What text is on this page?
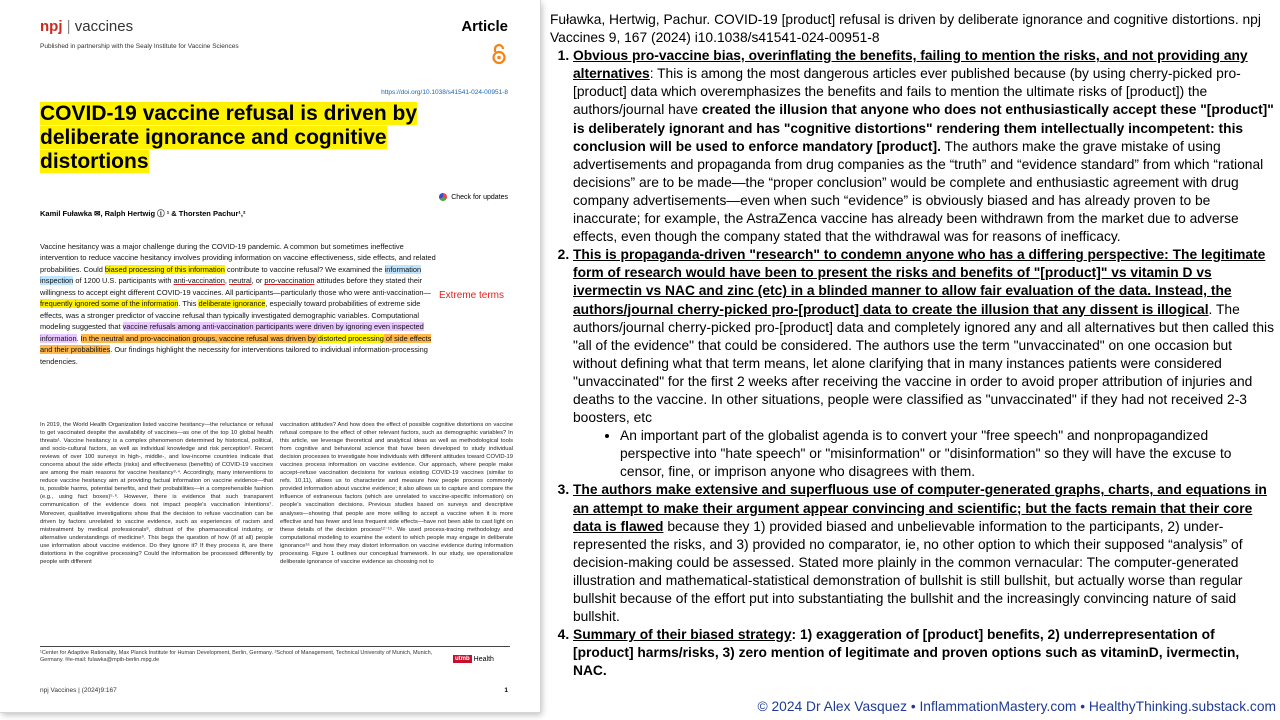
npj | vaccines	Article
Published in partnership with the Sealy Institute for Vaccine Sciences
https://doi.org/10.1038/s41541-024-00951-8
COVID-19 vaccine refusal is driven by
deliberate ignorance and cognitive
distortions
Check for updates
Kamil Fuławka ✉, Ralph Hertwig ⓘ ¹ & Thorsten Pachur¹,²
Vaccine hesitancy was a major challenge during the COVID-19 pandemic. A common but sometimes ineffective intervention to reduce vaccine hesitancy involves providing information on vaccine effectiveness, side effects, and related probabilities. Could biased processing of this information contribute to vaccine refusal? We examined the information inspection of 1200 U.S. participants with anti-vaccination, neutral, or pro-vaccination attitudes before they stated their willingness to accept eight different COVID-19 vaccines. All participants—particularly those who were anti-vaccination—frequently ignored some of the information. This deliberate ignorance, especially toward probabilities of extreme side effects, was a stronger predictor of vaccine refusal than typically investigated demographic variables. Computational modeling suggested that vaccine refusals among anti-vaccination participants were driven by ignoring even inspected information. In the neutral and pro-vaccination groups, vaccine refusal was driven by distorted processing of side effects and their probabilities. Our findings highlight the necessity for interventions tailored to individual information-processing tendencies.
Extreme terms
In 2019, the World Health Organization listed vaccine hesitancy—the reluctance or refusal to get vaccinated despite the availability of vaccines—as one of the top 10 global health threats¹. Vaccine hesitancy is a complex phenomenon determined by historical, political, and socio-cultural factors, as well as individual knowledge and risk perception². Recent reviews of over 100 surveys in high-, middle-, and low-income countries indicate that concerns about the side effects (risks) and effectiveness (benefits) of COVID-19 vaccines are among the main reasons for vaccine hesitancy³·⁴. Accordingly, many interventions to reduce vaccine hesitancy aim at providing factual information on vaccine evidence—that is, possible harms, potential benefits, and their probabilities—in a comprehensible fashion (e.g., using fact boxes)⁵·⁶. However, there is evidence that such transparent communication of the evidence does not impact people's vaccination intentions⁷. Moreover, qualitative investigations show that the decision to refuse vaccination can be driven by factors unrelated to vaccine evidence, such as experiences of racism and mistreatment by medical professionals⁸, distrust of the pharmaceutical industry, or alternative understandings of medicine⁹. This begs the question of how (if at all) people use information about vaccine evidence. Do they ignore it? If they process it, are there distortions in the cognitive processing? Could the information be processed differently by people with different
vaccination attitudes? And how does the effect of possible cognitive distortions on vaccine refusal compare to the effect of other relevant factors, such as demographic variables? In this article, we leverage theoretical and analytical ideas as well as methodological tools from cognitive and behavioral science that have been developed to study individual decision processes to investigate how individuals with different attitudes toward COVID-19 vaccines process information on vaccine evidence. Our approach, where people make accept–refuse vaccination decisions for various existing COVID-19 vaccines (similar to refs. 10,11), allows us to characterize and measure how people process commonly provided information about vaccine evidence; it also allows us to capture and compare the influence of extraneous factors (which are unrelated to vaccine-specific information) on people's vaccination decisions. Previous studies based on surveys and descriptive analyses—showing that people are more willing to accept a vaccine when it is more effective and has fewer and less frequent side effects—have not been able to cast light on these details of the decision process¹²⁻¹⁵. We used process-tracing methodology and computational modeling to examine the extent to which people may engage in deliberate ignorance¹⁶ and how they may distort information on vaccine evidence during information processing. Figure 1 outlines our conceptual framework. In our study, we operationalize deliberate ignorance of vaccine evidence as choosing not to
¹Center for Adaptive Rationality, Max Planck Institute for Human Development, Berlin, Germany. ²School of Management, Technical University of Munich, Munich, Germany. ✉e-mail: fulawka@mpib-berlin.mpg.de	utmb Health
npj Vaccines | (2024)9:167	1

Fuławka, Hertwig, Pachur. COVID-19 [product] refusal is driven by deliberate ignorance and cognitive distortions. npj Vaccines 9, 167 (2024) i10.1038/s41541-024-00951-8

1. Obvious pro-vaccine bias, overinflating the benefits, failing to mention the risks, and not providing any alternatives: This is among the most dangerous articles ever published because (by using cherry-picked pro-[product] data which overemphasizes the benefits and fails to mention the ultimate risks of [product]) the authors/journal have created the illusion that anyone who does not enthusiastically accept these "[product]" is deliberately ignorant and has "cognitive distortions" rendering them intellectually incompetent: this conclusion will be used to enforce mandatory [product]. The authors make the grave mistake of using advertisements and propaganda from drug companies as the “truth” and “evidence standard” from which “rational decisions” are to be made—the “proper conclusion” would be complete and enthusiastic agreement with drug company advertisements—even when such “evidence” is obviously biased and has already proven to be inaccurate; for example, the AstraZenca vaccine has already been withdrawn from the market due to adverse effects, even though the company stated that the withdrawal was for reasons of inefficacy.
2. This is propaganda-driven "research" to condemn anyone who has a differing perspective: The legitimate form of research would have been to present the risks and benefits of "[product]" vs vitamin D vs ivermectin vs NAC and zinc (etc) in a blinded manner to allow fair evaluation of the data. Instead, the authors/journal cherry-picked pro-[product] data to create the illusion that any dissent is illogical. The authors/journal cherry-picked pro-[product] data and completely ignored any and all alternatives but then called this "all of the evidence" that could be considered. The authors use the term "unvaccinated" on one occasion but without defining what that term means, let alone clarifying that in many instances patients were considered "unvaccinated" for the first 2 weeks after receiving the vaccine in order to avoid proper attribution of injuries and deaths to the vaccine. In other situations, people were classified as "unvaccinated" if they had not received 2-3 boosters, etc
• An important part of the globalist agenda is to convert your "free speech" and nonpropagandized perspective into "hate speech" or "misinformation" or "disinformation" so they will have the excuse to censor, fine, or imprison anyone who disagrees with them.
3. The authors make extensive and superfluous use of computer-generated graphs, charts, and equations in an attempt to make their argument appear convincing and scientific; but the facts remain that their core data is flawed because they 1) provided biased and unbelievable information to the participants, 2) under-represented the risks, and 3) provided no comparator, ie, no other option to which their supposed “analysis” of decision-making could be assessed. Stated more plainly in the common vernacular: The computer-generated illustration and mathematical-statistical demonstration of bullshit is still bullshit, but actually worse than regular bullshit because of the effort put into substantiating the bullshit and the increasingly convincing nature of said bullshit.
4. Summary of their biased strategy: 1) exaggeration of [product] benefits, 2) underrepresentation of [product] harms/risks, 3) zero mention of legitimate and proven options such as vitaminD, ivermectin, NAC.
© 2024 Dr Alex Vasquez • InflammationMastery.com • HealthyThinking.substack.com
